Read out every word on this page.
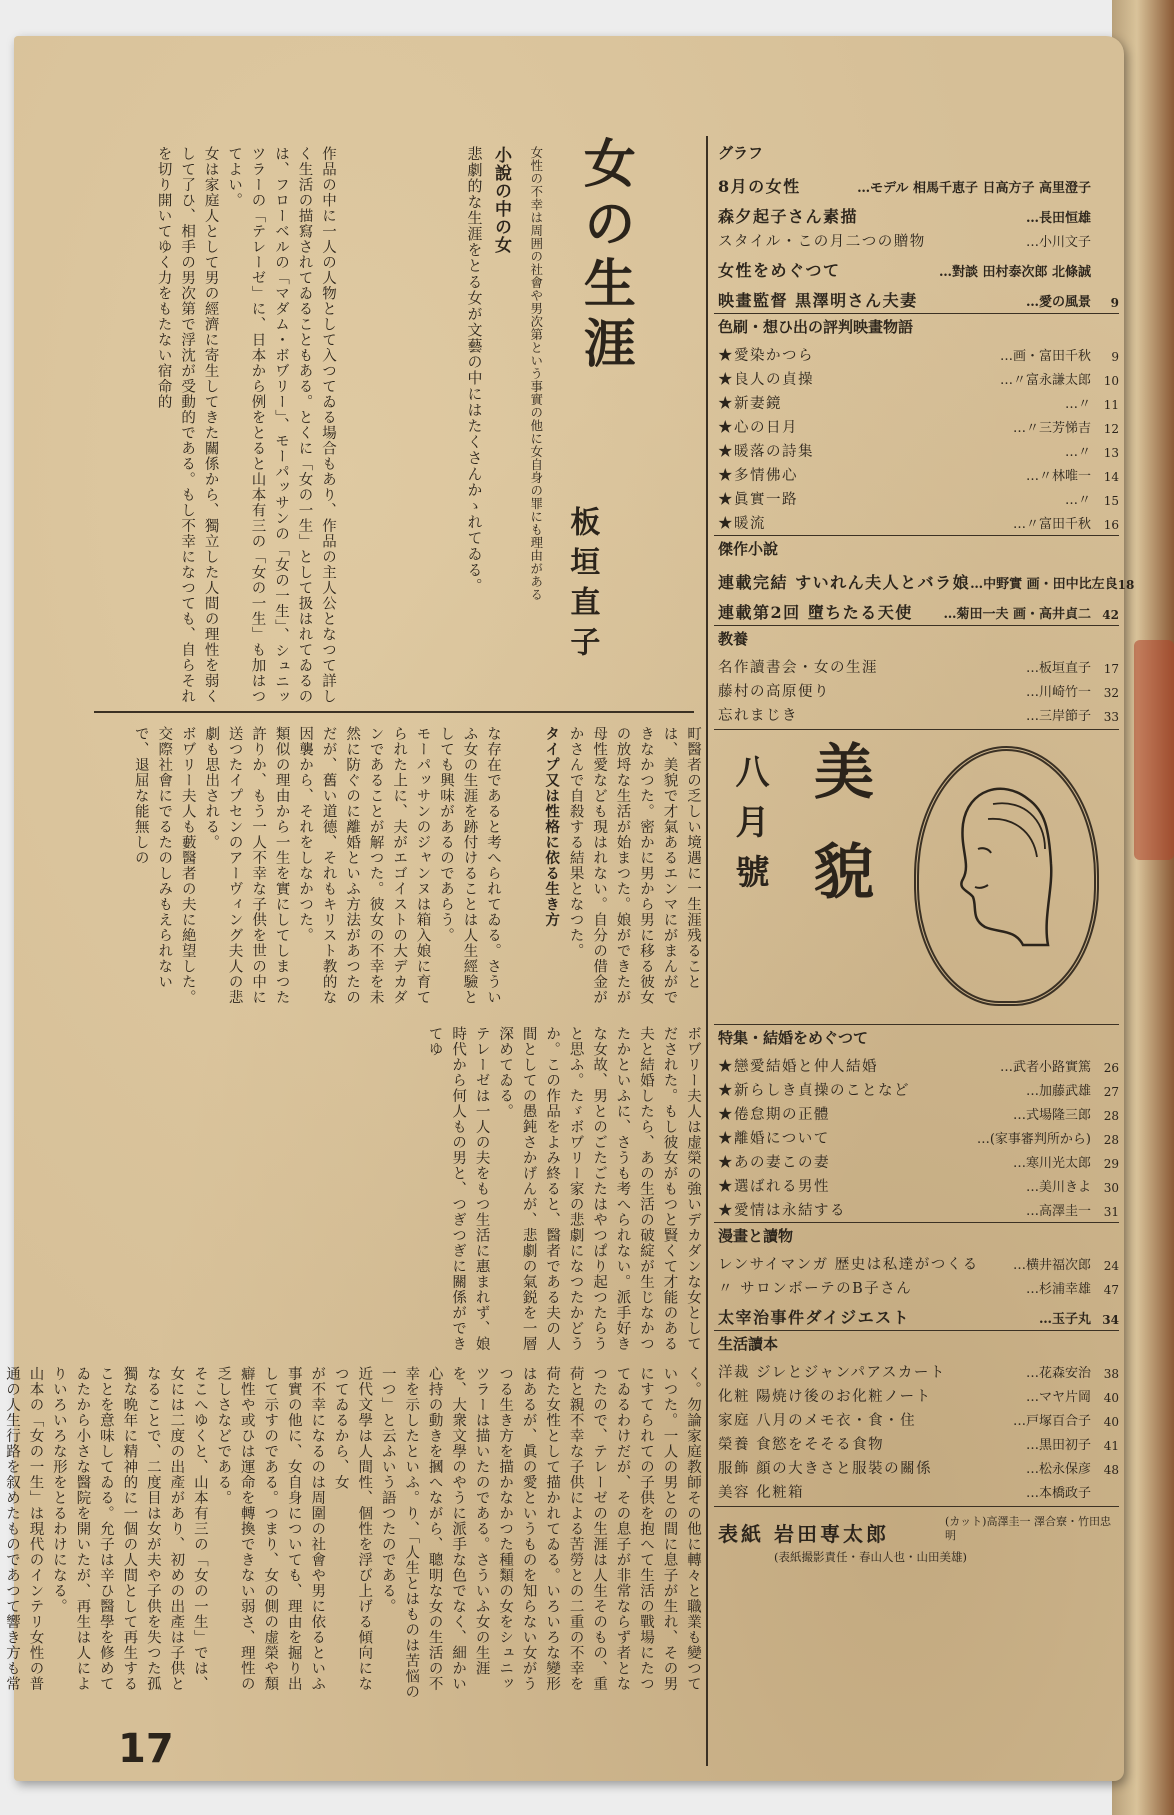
女の生涯
女性の不幸は周囲の社會や男次第という事實の他に女自身の罪にも理由がある 板垣直子

小說の中の女

悲劇的な生涯をとる女が文藝の中にはたくさんかゝれてゐる。

作品の中に一人の人物として入つてゐる場合もあり、作品の主人公となつて詳しく生活の描寫されてゐることもある。とくに「女の一生」として扱はれてゐるのは、フローベルの「マダム・ボヷリー」、モーパッサンの「女の一生」、シュニッツラーの「テレーゼ」に、日本から例をとると山本有三の「女の一生」も加はつてよい。

女は家庭人として男の經濟に寄生してきた關係から、獨立した人間の理性を弱くして了ひ、相手の男次第で浮沈が受動的である。もし不幸になつても、自らそれを切り開いてゆく力をもたない宿命的

な存在であると考へられてゐる。さういふ女の生涯を跡付けることは人生經驗としても興味があるのであらう。

モーパッサンのジャンヌは箱入娘に育てられた上に、夫がエゴイストの大デカダンであることが解つた。彼女の不幸を未然に防ぐのに離婚といふ方法があつたのだが、舊い道德、それもキリスト教的な因襲から、それをしなかつた。

類似の理由から一生を實にしてしまつた許りか、もう一人不幸な子供を世の中に送つたイプセンのアーヴィング夫人の悲劇も思出される。

ボヷリー夫人も藪醫者の夫に絶望した。交際社會にでるたのしみもえられないで、退屈な能無しの	町醫者の乏しい境遇に一生涯残ることは、美貌で才氣あるエンマにがまんができなかつた。密かに男から男に移る彼女の放埒な生活が始まつた。娘ができたが母性愛なども現はれない。自分の借金がかさんで自殺する結果となつた。

タイプ又は性格に依る生き方

ボヷリー夫人は虚榮の強いデカダンな女としてだされた。もし彼女がもつと賢くて才能のある夫と結婚したら、あの生活の破綻が生じなかつたかといふに、さうも考へられない。派手好きな女故、男とのごたごたはやつぱり起つたらうと思ふ。たゞボヷリー家の悲劇になつたかどうか。この作品をよみ終ると、醫者である夫の人間としての愚鈍さかげんが、悲劇の氣鋭を一層深めてゐる。

テレーゼは一人の夫をもつ生活に惠まれず、娘時代から何人もの男と、つぎつぎに關係ができてゆ

く。勿論家庭教師その他に轉々と職業も變つていつた。一人の男との間に息子が生れ、その男にすてられての子供を抱へて生活の戰場にたつてゐるわけだが、その息子が非常ならず者となつたので、テレーゼの生涯は人生そのもの、重荷と親不幸な子供による苦勞との二重の不幸を荷た女性として描かれてゐる。いろいろな變形はあるが、眞の愛というものを知らない女がうつる生き方を描かなかつた種類の女をシュニッツラーは描いたのである。さういふ女の生涯を、大衆文學のやうに派手な色でなく、細かい心持の動きを摑へながら、聰明な女の生活の不幸を示したといふ。り、「人生とはものは苦悩の一つ」と云ふいう語つたのである。

近代文學は人間性、個性を浮び上げる傾向になつてゐるから、女

が不幸になるのは周圍の社會や男に依るといふ事實の他に、女自身についても、理由を掘り出して示すのである。つまり、女の側の虚榮や頽癖性や或ひは運命を轉換できない弱さ、理性の乏しさなどである。

そこへゆくと、山本有三の「女の一生」では、女には二度の出產があり、初めの出產は子供となることで、二度目は女が夫や子供を失つた孤獨な晩年に精神的に一個の人間として再生することを意味してゐる。允子は辛ひ醫學を修めてゐたから小さな醫院を開いたが、再生は人によりいろいろな形をとるわけになる。

山本の「女の一生」は現代のインテリ女性の普通の人生行路を叙めたものであつて響き方も常

グラフ
8月の女性	…モデル 相馬千恵子 日高方子 高里澄子
森夕起子さん素描	…長田恒雄
スタイル・この月二つの贈物	…小川文子
女性をめぐつて	…對談 田村泰次郎 北條誠
映畫監督 黒澤明さん夫妻	…愛の風景	9
色刷・想ひ出の評判映畫物語
★愛染かつら	…画・富田千秋	9
★良人の貞操	…〃富永謙太郎	10
★新妻鏡	…〃	11
★心の日月	…〃三芳悌吉	12
★暖落の詩集	…〃	13
★多情佛心	…〃林唯一	14
★眞實一路	…〃	15
★暖流	…〃富田千秋	16
傑作小說
連載完結 すいれん夫人とバラ娘 …中野實 画・田中比左良 18
連載第2回 墮ちたる天使	…菊田一夫 画・高井貞二 42
教養
名作讀書会・女の生涯	…板垣直子	17
藤村の高原便り	…川崎竹一	32
忘れまじき	…三岸節子	33
美貌
八月號
特集・結婚をめぐつて
★戀愛結婚と仲人結婚	…武者小路實篤	26
★新らしき貞操のことなど	…加藤武雄	27
★倦怠期の正體	…式場隆三郎	28
★離婚について	…(家事審判所から)	28
★あの妻この妻	…寒川光太郎	29
★選ばれる男性	…美川きよ	30
★愛情は永結する	…高澤圭一	31
漫畫と讀物
レンサイマンガ 歴史は私達がつくる	…横井福次郎	24
〃 サロンボーテのB子さん	…杉浦幸雄	47
太宰治事件ダイジエスト	…玉子丸 34
生活讀本
洋裁 ジレとジャンパアスカート	…花森安治	38
化粧 陽焼け後のお化粧ノート	…マヤ片岡	40
家庭 八月のメモ衣・食・住	…戸塚百合子	40
榮養 食慾をそそる食物	…黒田初子	41
服飾 顔の大きさと服裝の關係	…松永保彦	48
美容 化粧箱	…本橋政子
表紙 岩田専太郎
(カット)高澤圭一 澤合寮・竹田忠明
(表紙撮影責任・春山人也・山田美雄)
17
